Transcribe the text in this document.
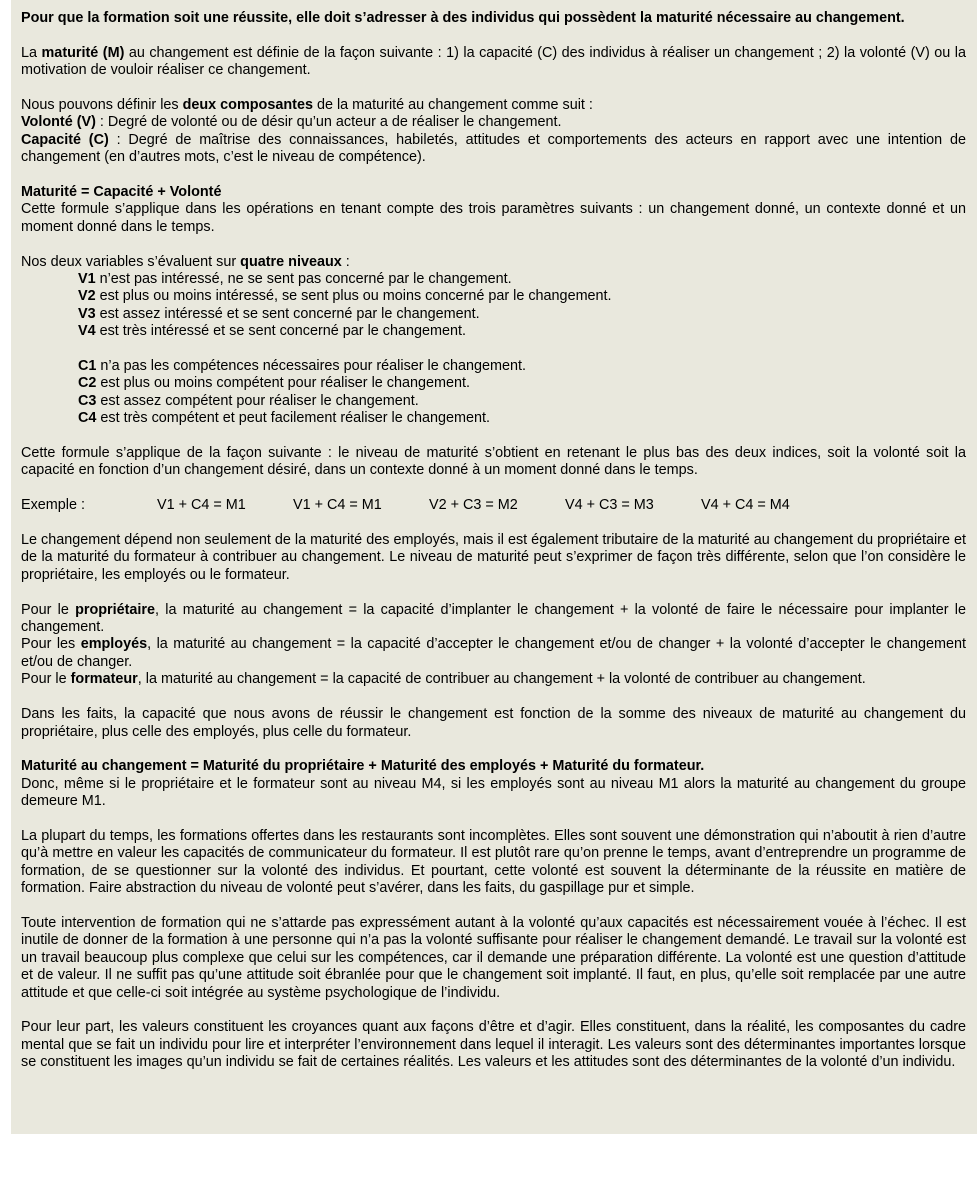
Pour que la formation soit une réussite, elle doit s’adresser à des individus qui possèdent la maturité nécessaire au changement.

La maturité (M) au changement est définie de la façon suivante : 1) la capacité (C) des individus à réaliser un changement ; 2) la volonté (V) ou la motivation de vouloir réaliser ce changement.

Nous pouvons définir les deux composantes de la maturité au changement comme suit :

Volonté (V) : Degré de volonté ou de désir qu’un acteur a de réaliser le changement.

Capacité (C) : Degré de maîtrise des connaissances, habiletés, attitudes et comportements des acteurs en rapport avec une intention de changement (en d’autres mots, c’est le niveau de compétence).

Maturité = Capacité + Volonté

Cette formule s’applique dans les opérations en tenant compte des trois paramètres suivants : un changement donné, un contexte donné et un moment donné dans le temps.

Nos deux variables s’évaluent sur quatre niveaux :

V1 n’est pas intéressé, ne se sent pas concerné par le changement.

V2 est plus ou moins intéressé, se sent plus ou moins concerné par le changement.

V3 est assez intéressé et se sent concerné par le changement.

V4 est très intéressé et se sent concerné par le changement.

C1 n’a pas les compétences nécessaires pour réaliser le changement.

C2 est plus ou moins compétent pour réaliser le changement.

C3 est assez compétent pour réaliser le changement.

C4 est très compétent et peut facilement réaliser le changement.

Cette formule s’applique de la façon suivante : le niveau de maturité s’obtient en retenant le plus bas des deux indices, soit la volonté soit la capacité en fonction d’un changement désiré, dans un contexte donné à un moment donné dans le temps.

Exemple :	V1 + C4 = M1	V1 + C4 = M1	V2 + C3 = M2	V4 + C3 = M3	V4 + C4 = M4

Le changement dépend non seulement de la maturité des employés, mais il est également tributaire de la maturité au changement du propriétaire et de la maturité du formateur à contribuer au changement. Le niveau de maturité peut s’exprimer de façon très différente, selon que l’on considère le propriétaire, les employés ou le formateur.

Pour le propriétaire, la maturité au changement = la capacité d’implanter le changement + la volonté de faire le nécessaire pour implanter le changement.

Pour les employés, la maturité au changement = la capacité d’accepter le changement et/ou de changer + la volonté d’accepter le changement et/ou de changer.

Pour le formateur, la maturité au changement = la capacité de contribuer au changement + la volonté de contribuer au changement.

Dans les faits, la capacité que nous avons de réussir le changement est fonction de la somme des niveaux de maturité au changement du propriétaire, plus celle des employés, plus celle du formateur.

Maturité au changement = Maturité du propriétaire + Maturité des employés + Maturité du formateur.

Donc, même si le propriétaire et le formateur sont au niveau M4, si les employés sont au niveau M1 alors la maturité au changement du groupe demeure M1.

La plupart du temps, les formations offertes dans les restaurants sont incomplètes. Elles sont souvent une démonstration qui n’aboutit à rien d’autre qu’à mettre en valeur les capacités de communicateur du formateur. Il est plutôt rare qu’on prenne le temps, avant d’entreprendre un programme de formation, de se questionner sur la volonté des individus. Et pourtant, cette volonté est souvent la déterminante de la réussite en matière de formation. Faire abstraction du niveau de volonté peut s’avérer, dans les faits, du gaspillage pur et simple.

Toute intervention de formation qui ne s’attarde pas expressément autant à la volonté qu’aux capacités est nécessairement vouée à l’échec. Il est inutile de donner de la formation à une personne qui n’a pas la volonté suffisante pour réaliser le changement demandé. Le travail sur la volonté est un travail beaucoup plus complexe que celui sur les compétences, car il demande une préparation différente. La volonté est une question d’attitude et de valeur. Il ne suffit pas qu’une attitude soit ébranlée pour que le changement soit implanté. Il faut, en plus, qu’elle soit remplacée par une autre attitude et que celle-ci soit intégrée au système psychologique de l’individu.

Pour leur part, les valeurs constituent les croyances quant aux façons d’être et d’agir. Elles constituent, dans la réalité, les composantes du cadre mental que se fait un individu pour lire et interpréter l’environnement dans lequel il interagit. Les valeurs sont des déterminantes importantes lorsque se constituent les images qu’un individu se fait de certaines réalités. Les valeurs et les attitudes sont des déterminantes de la volonté d’un individu.
